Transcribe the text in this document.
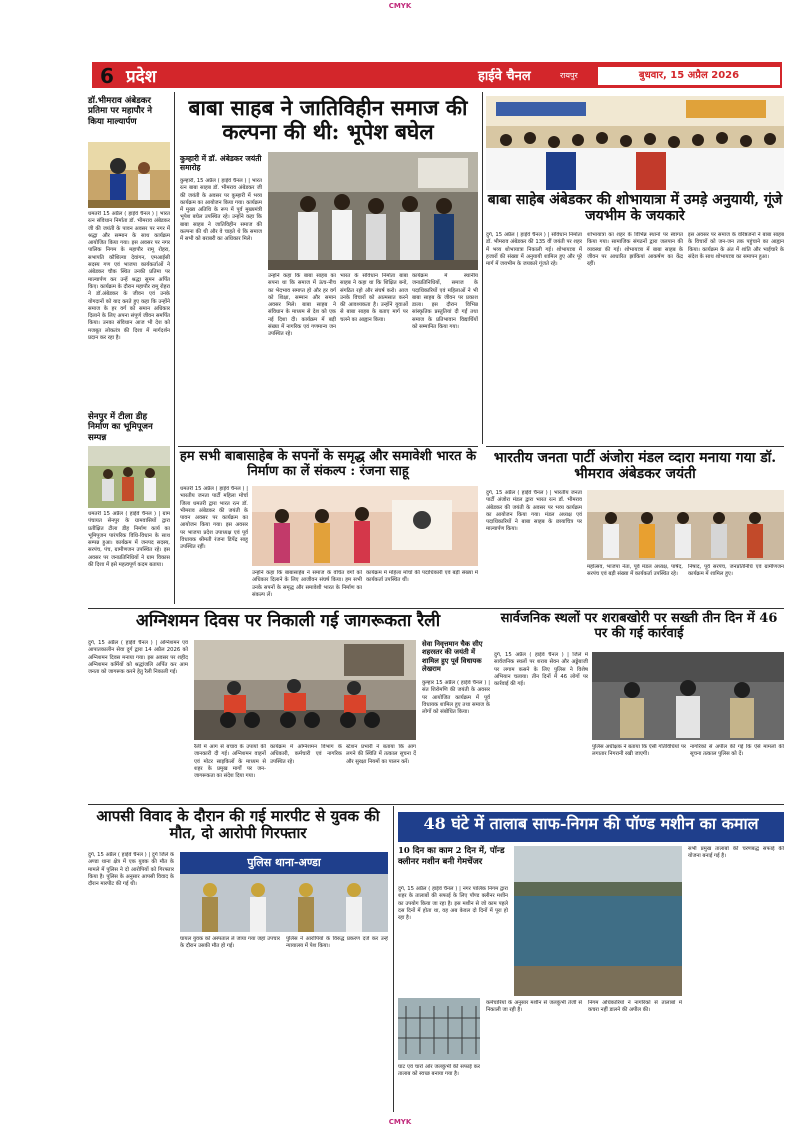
CMYK
6 प्रदेश	हाईवे चैनल	रायपुर	बुधवार, 15 अप्रैल 2026
डॉ.भीमराव अंबेडकर प्रतिमा पर महापौर ने किया माल्यार्पण
धमतरी 15 अप्रैल ( हाईवे चैनल ) | भारत रत्न संविधान निर्माता डॉ. भीमराव अंबेडकर जी की जयंती के पावन अवसर पर नगर में श्रद्धा और सम्मान के साथ कार्यक्रम आयोजित किया गया। इस अवसर पर नगर पालिक निगम के महापौर रामू रोहरा, सभापति कौशिल्या देवांगन, एमआईसी सदस्य गण एवं भाजपा कार्यकर्ताओं ने अंबेडकर चौक स्थित उनकी प्रतिमा पर माल्यार्पण कर उन्हें श्रद्धा सुमन अर्पित किए। कार्यक्रम के दौरान महापौर रामू रोहरा ने डॉ.अंबेडकर के जीवन एवं उनके योगदानों को याद करते हुए कहा कि उन्होंने समाज के हर वर्ग को समान अधिकार दिलाने के लिए अपना संपूर्ण जीवन समर्पित किया। उनका संविधान आज भी देश को मजबूत लोकतंत्र की दिशा में मार्गदर्शन प्रदान कर रहा है।
सेनपुर में टीला डीह निर्माण का भूमिपूजन सम्पन्न
धमतरी 15 अप्रैल ( हाईवे चैनल ) | ग्राम पंचायत सेनपुर के ग्रामवासियों द्वारा प्रतीक्षित टीला डीह निर्माण कार्य का भूमिपूजन पारंपरिक विधि-विधान के साथ सम्पन्न हुआ। कार्यक्रम में जनपद सदस्य, सरपंच, पंच, ग्रामीणजन उपस्थित रहे। इस अवसर पर जनप्रतिनिधियों ने ग्राम विकास की दिशा में इसे महत्वपूर्ण कदम बताया।
बाबा साहब ने जातिविहीन समाज की कल्पना की थी: भूपेश बघेल
कुम्हारी में डॉ. अंबेडकर जयंती समारोह
कुम्हारी, 15 अप्रैल ( हाईवे चैनल ) | भारत रत्न बाबा साहब डॉ. भीमराव अंबेडकर जी की जयंती के अवसर पर कुम्हारी में भव्य कार्यक्रम का आयोजन किया गया। कार्यक्रम में मुख्य अतिथि के रूप में पूर्व मुख्यमंत्री भूपेश बघेल उपस्थित रहे। उन्होंने कहा कि बाबा साहब ने जातिविहीन समाज की कल्पना की थी और वे चाहते थे कि समाज में सभी को बराबरी का अधिकार मिले।
उन्होंने कहा कि बाबा साहब का सपना था कि समाज में ऊंच-नीच का भेदभाव समाप्त हो और हर वर्ग को शिक्षा, सम्मान और समान अवसर मिले। बाबा साहब ने संविधान के माध्यम से देश को एक नई दिशा दी। कार्यक्रम में बड़ी संख्या में नागरिक एवं गणमान्य जन उपस्थित रहे।
भारत के संविधान निर्माता बाबा साहब ने कहा था कि शिक्षित बनो, संगठित रहो और संघर्ष करो। आज उनके विचारों को आत्मसात करने की आवश्यकता है। उन्होंने युवाओं से बाबा साहब के बताए मार्ग पर चलने का आह्वान किया।
कार्यक्रम में स्थानीय जनप्रतिनिधियों, समाज के पदाधिकारियों एवं महिलाओं ने भी बाबा साहब के जीवन पर प्रकाश डाला। इस दौरान विभिन्न सांस्कृतिक प्रस्तुतियां दी गईं तथा समाज के प्रतिभावान विद्यार्थियों को सम्मानित किया गया।
बाबा साहेब अंबेडकर की शोभायात्रा में उमड़े अनुयायी, गूंजे जयभीम के जयकारे
दुर्ग, 15 अप्रैल ( हाईवे चैनल ) | संविधान निर्माता डॉ. भीमराव अंबेडकर की 135 वीं जयंती पर शहर में भव्य शोभायात्रा निकाली गई। शोभायात्रा में हजारों की संख्या में अनुयायी शामिल हुए और पूरे मार्ग में जयभीम के जयकारे गूंजते रहे।
शोभायात्रा का शहर के विभिन्न स्थानों पर स्वागत किया गया। सामाजिक संगठनों द्वारा जलपान की व्यवस्था की गई। शोभायात्रा में बाबा साहब के जीवन पर आधारित झांकियां आकर्षण का केंद्र रहीं।
इस अवसर पर समाज के वरिष्ठजनों ने बाबा साहब के विचारों को जन-जन तक पहुंचाने का आह्वान किया। कार्यक्रम के अंत में शांति और भाईचारे के संदेश के साथ शोभायात्रा का समापन हुआ।
हम सभी बाबासाहेब के सपनों के समृद्ध और समावेशी भारत के निर्माण का लें संकल्प : रंजना साहू
धमतरी 15 अप्रैल ( हाईवे चैनल ) | भारतीय जनता पार्टी महिला मोर्चा जिला धमतरी द्वारा भारत रत्न डॉ. भीमराव अंबेडकर की जयंती के पावन अवसर पर कार्यक्रम का आयोजन किया गया। इस अवसर पर भाजपा प्रदेश उपाध्यक्ष एवं पूर्व विधायक श्रीमती रंजना डिपेंद्र साहू उपस्थित रहीं।
उन्होंने कहा कि बाबासाहेब ने समाज के वंचित वर्गों को अधिकार दिलाने के लिए आजीवन संघर्ष किया। हम सभी उनके सपनों के समृद्ध और समावेशी भारत के निर्माण का संकल्प लें।
कार्यक्रम में महिला मोर्चा की पदाधिकारी एवं बड़ी संख्या में कार्यकर्ता उपस्थित थीं।
भारतीय जनता पार्टी अंजोरा मंडल व्दारा मनाया गया डॉ. भीमराव अंबेडकर जयंती
दुर्ग, 15 अप्रैल ( हाईवे चैनल ) | भारतीय जनता पार्टी अंजोरा मंडल द्वारा भारत रत्न डॉ. भीमराव अंबेडकर की जयंती के अवसर पर भव्य कार्यक्रम का आयोजन किया गया। मंडल अध्यक्ष एवं पदाधिकारियों ने बाबा साहब के छायाचित्र पर माल्यार्पण किया।
महोत्सव, भाजपा नेता, पूर्व मंडल अध्यक्ष, पार्षद, सरपंच एवं बड़ी संख्या में कार्यकर्ता उपस्थित रहे।
निषाद, पूर्व सरपंच, जनप्रतिनिधि एवं ग्रामीणजन कार्यक्रम में शामिल हुए।
अग्निशमन दिवस पर निकाली गई जागरूकता रैली
दुर्ग, 15 अप्रैल ( हाईवे चैनल ) | अग्निशमन एवं आपातकालीन सेवा दुर्ग द्वारा 14 अप्रैल 2026 को अग्निशमन दिवस मनाया गया। इस अवसर पर शहीद अग्निशमन कर्मियों को श्रद्धांजलि अर्पित कर आम जनता को जागरूक करने हेतु रैली निकाली गई।
रैली में आग से बचाव के उपायों की जानकारी दी गई। अग्निशमन वाहनों एवं मोटर साइकिलों के माध्यम से शहर के प्रमुख मार्गों पर जन-जागरूकता का संदेश दिया गया।
कार्यक्रम में अग्निशमन विभाग के अधिकारी, कर्मचारी एवं नागरिक उपस्थित रहे।
स्टेशन प्रभारी ने बताया कि आग लगने की स्थिति में तत्काल सूचना दें और सुरक्षा नियमों का पालन करें।
सेवा निवृत्तमान चैक सीए शहरस्तर की जयंती में शामिल हुए पूर्व विधायक लेखराम
कुम्हार 15 अप्रैल ( हाईवे चैनल ) | संत शिरोमणि की जयंती के अवसर पर आयोजित कार्यक्रम में पूर्व विधायक शामिल हुए तथा समाज के लोगों को संबोधित किया।
सार्वजनिक स्थलों पर शराबखोरी पर सख्ती तीन दिन में 46 पर की गई कार्रवाई
दुर्ग, 15 अप्रैल ( हाईवे चैनल ) | जिले में सार्वजनिक स्थलों पर शराब सेवन और अड्डेबाजी पर लगाम कसने के लिए पुलिस ने विशेष अभियान चलाया। तीन दिनों में 46 लोगों पर कार्रवाई की गई।
पुलिस अधीक्षक ने बताया कि ऐसी गतिविधियों पर लगातार निगरानी रखी जाएगी।
नागरिकों से अपील की गई कि ऐसे मामलों की सूचना तत्काल पुलिस को दें।
आपसी विवाद के दौरान की गई मारपीट से युवक की मौत, दो आरोपी गिरफ्तार
दुर्ग, 15 अप्रैल ( हाईवे चैनल ) | दुर्ग जिले के अण्डा थाना क्षेत्र में एक युवक की मौत के मामले में पुलिस ने दो आरोपियों को गिरफ्तार किया है। पुलिस के अनुसार आपसी विवाद के दौरान मारपीट की गई थी।
पुलिस थाना-अण्डा
घायल युवक को अस्पताल ले जाया गया जहां उपचार के दौरान उसकी मौत हो गई।
पुलिस ने आरोपियों के विरुद्ध प्रकरण दर्ज कर उन्हें न्यायालय में पेश किया।
48 घंटे में तालाब साफ-निगम की पॉण्ड मशीन का कमाल
10 दिन का काम 2 दिन में, पॉन्ड क्लीनर मशीन बनी गेमचेंजर
दुर्ग, 15 अप्रैल ( हाईवे चैनल ) | नगर पालिक निगम द्वारा शहर के तालाबों की सफाई के लिए पॉण्ड क्लीनर मशीन का उपयोग किया जा रहा है। इस मशीन से जो काम पहले दस दिनों में होता था, वह अब केवल दो दिनों में पूरा हो रहा है।
घाट एवं चारों ओर जलकुंभी की सफाई कर तालाब को स्वच्छ बनाया गया है।
कर्मचारियों के अनुसार मशीन से जलकुंभी तेजी से निकाली जा रही है।
निगम अधिकारियों ने नागरिकों से तालाबों में कचरा नहीं डालने की अपील की।
सभी प्रमुख तालाबों की चरणबद्ध सफाई की योजना बनाई गई है।
CMYK
